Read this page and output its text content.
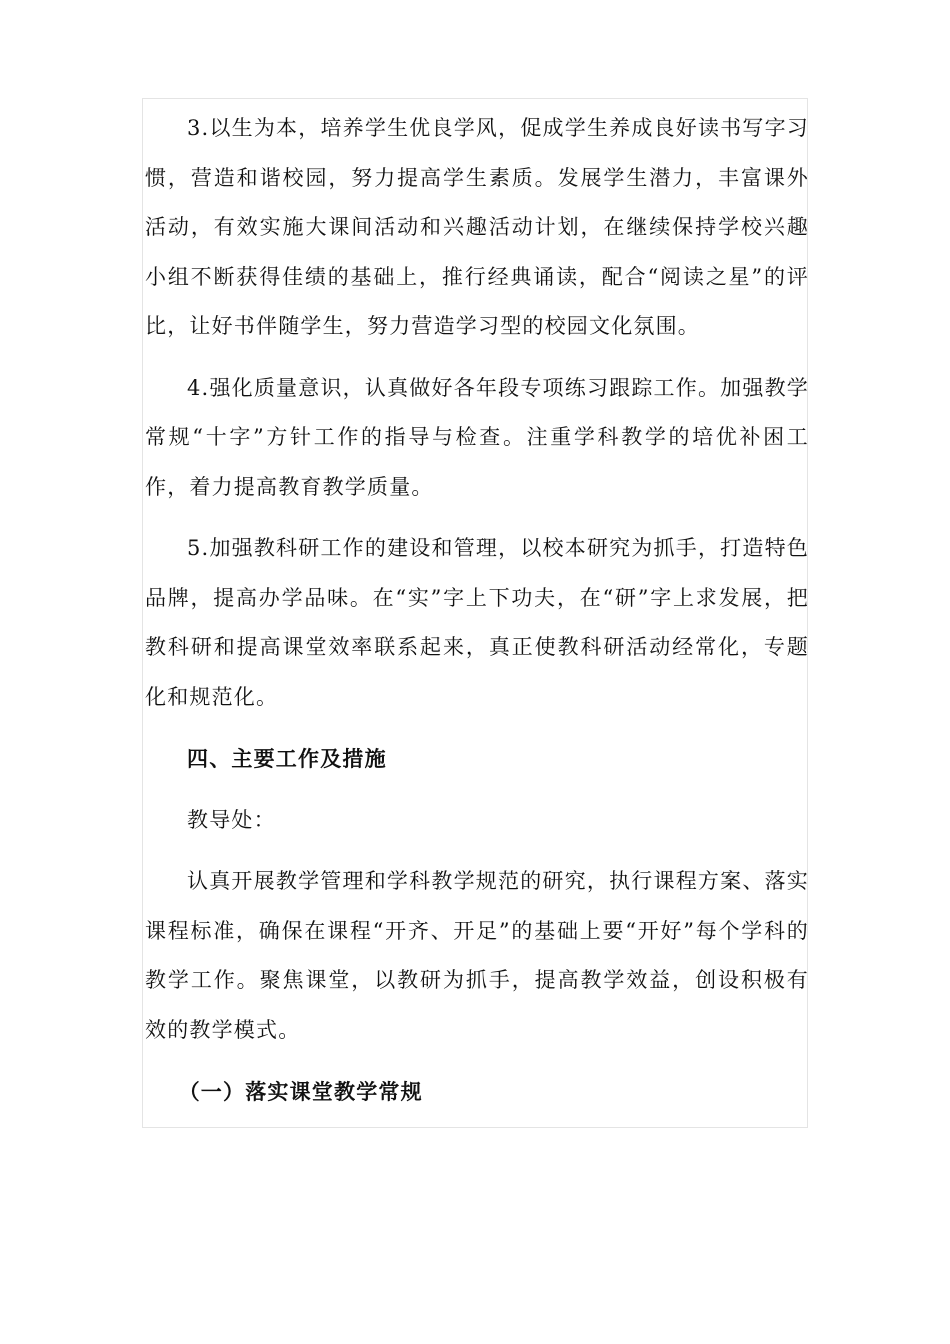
3.以生为本，培养学生优良学风，促成学生养成良好读书写字习惯，营造和谐校园，努力提高学生素质。发展学生潜力，丰富课外活动，有效实施大课间活动和兴趣活动计划，在继续保持学校兴趣小组不断获得佳绩的基础上，推行经典诵读，配合“阅读之星”的评比，让好书伴随学生，努力营造学习型的校园文化氛围。

4.强化质量意识，认真做好各年段专项练习跟踪工作。加强教学常规“十字”方针工作的指导与检查。注重学科教学的培优补困工作，着力提高教育教学质量。

5.加强教科研工作的建设和管理，以校本研究为抓手，打造特色品牌，提高办学品味。在“实”字上下功夫，在“研”字上求发展，把教科研和提高课堂效率联系起来，真正使教科研活动经常化，专题化和规范化。

四、主要工作及措施

教导处：

认真开展教学管理和学科教学规范的研究，执行课程方案、落实课程标准，确保在课程“开齐、开足”的基础上要“开好”每个学科的教学工作。聚焦课堂，以教研为抓手，提高教学效益，创设积极有效的教学模式。

（一）落实课堂教学常规
